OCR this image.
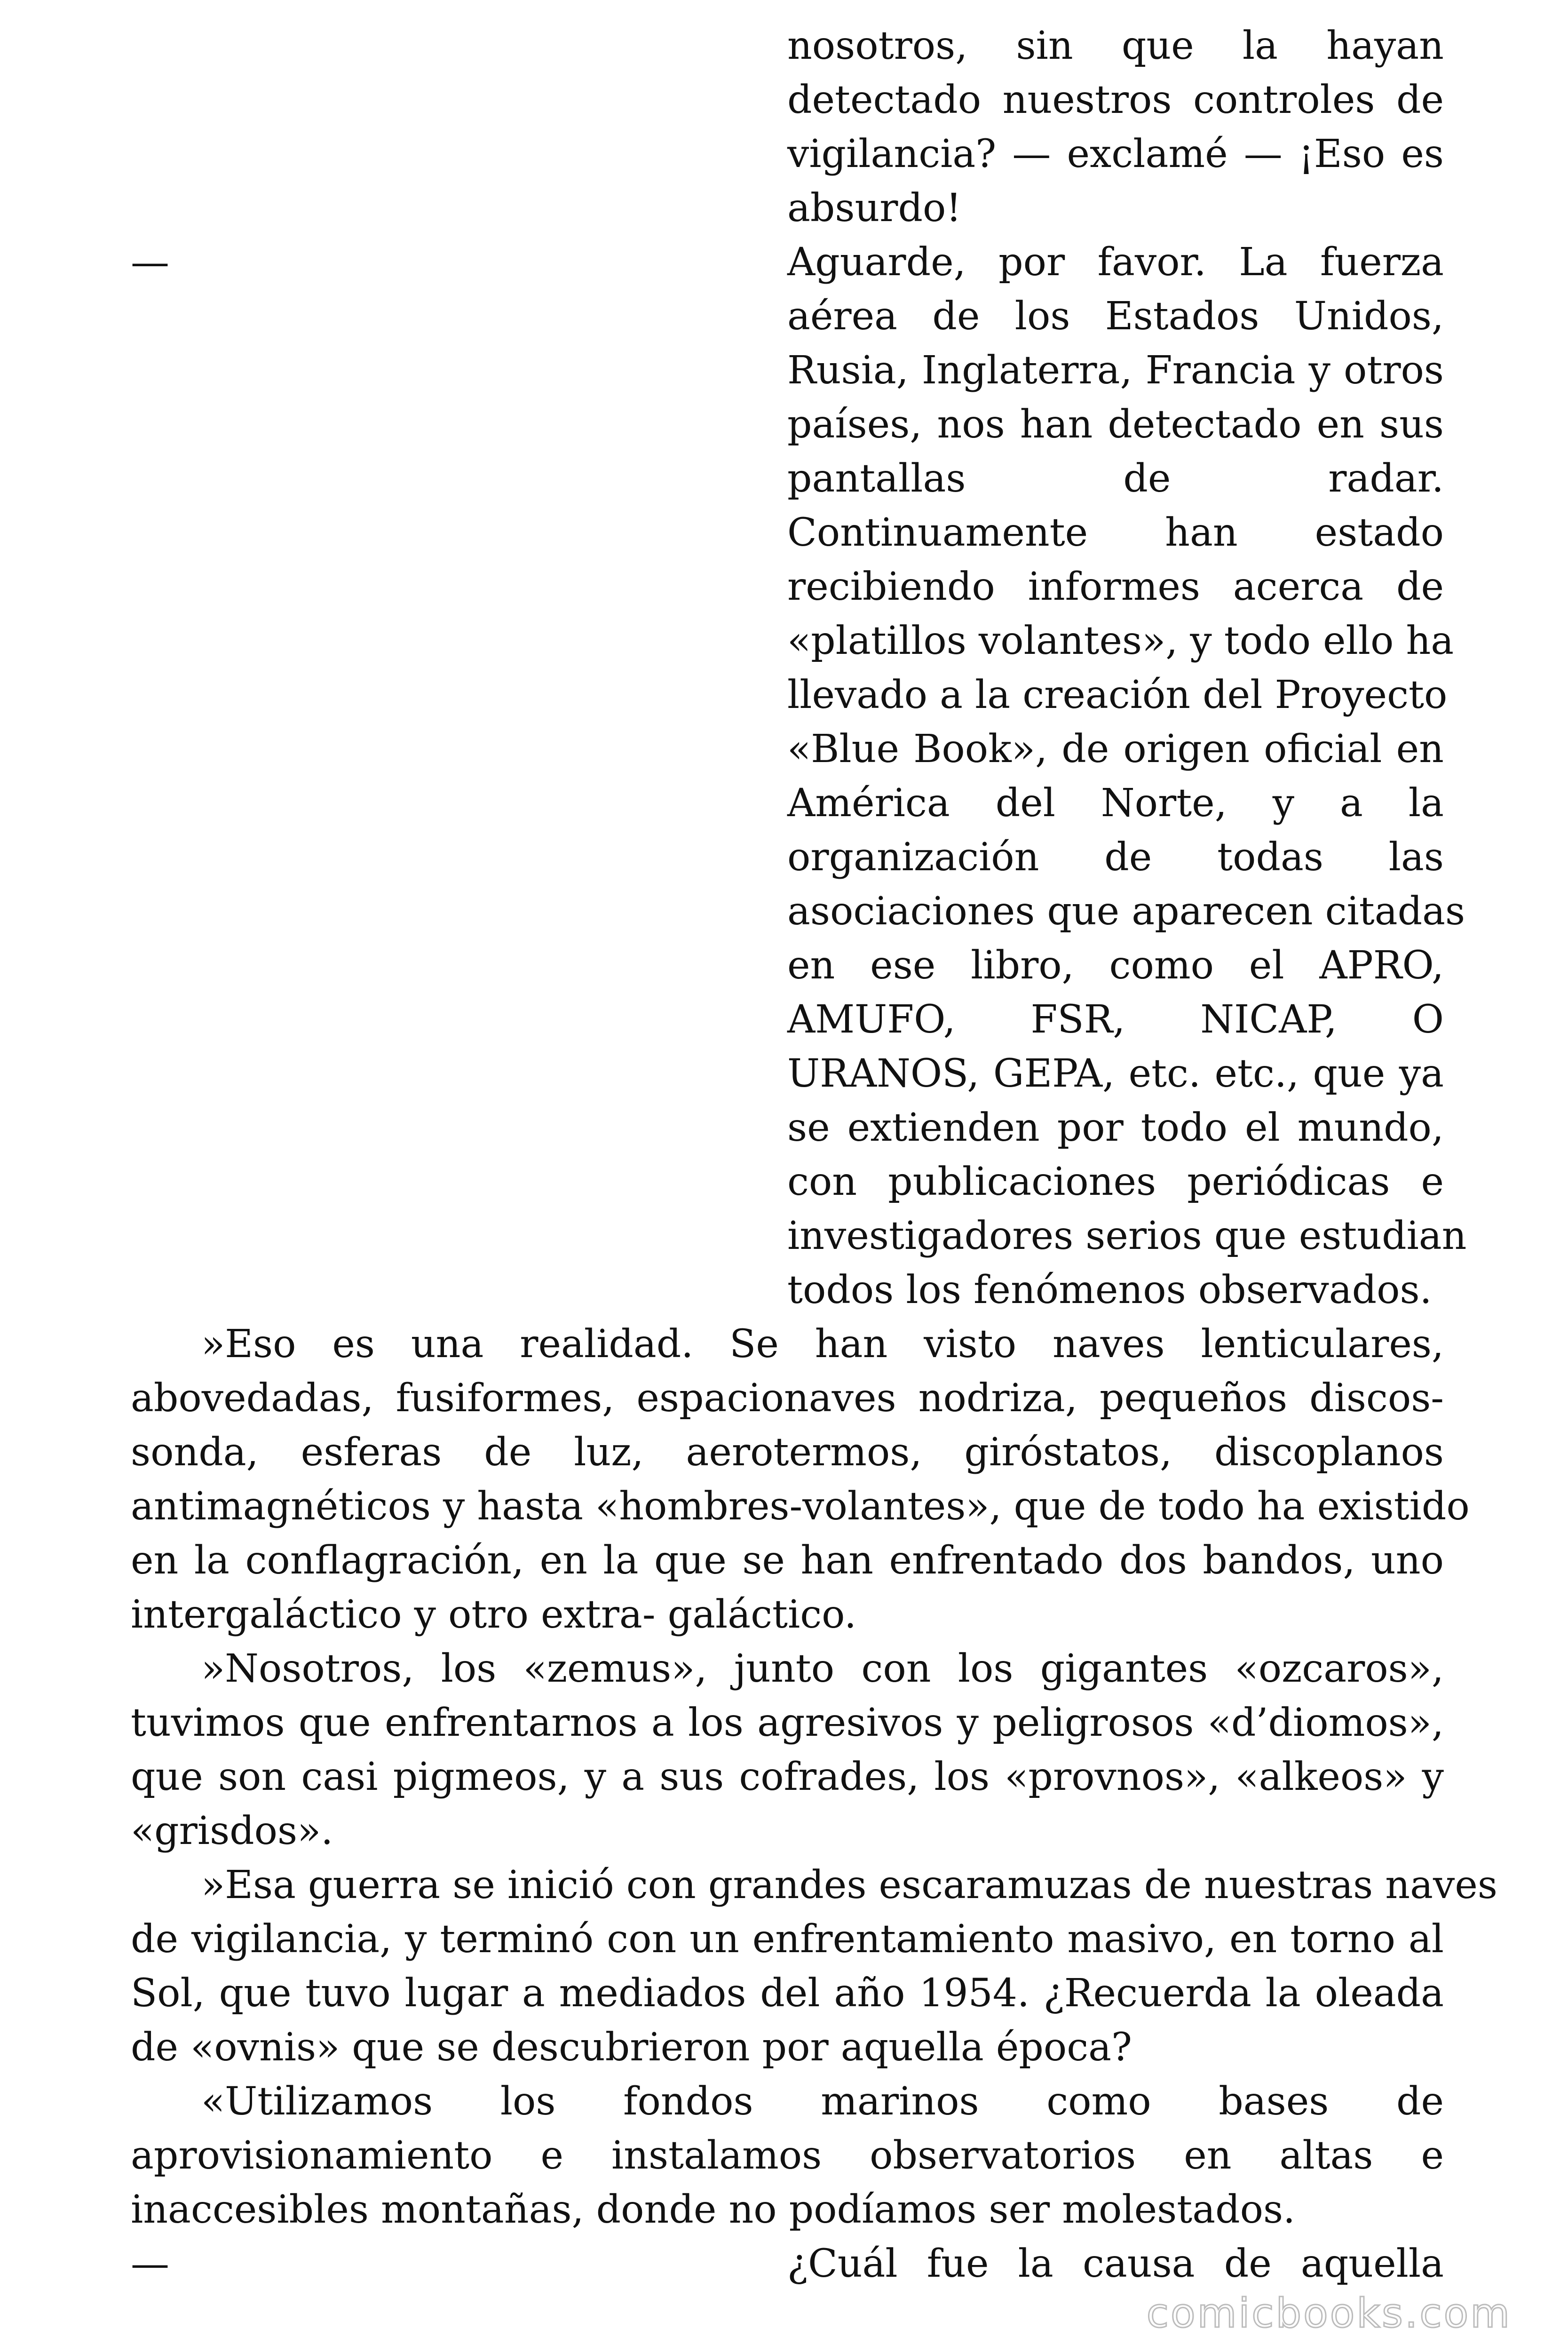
nosotros, sin que la hayan
detectado nuestros controles de
vigilancia? — exclamé — ¡Eso es
absurdo!
—	Aguarde, por favor. La fuerza
aérea de los Estados Unidos,
Rusia, Inglaterra, Francia y otros
países, nos han detectado en sus
pantallas de radar.
Continuamente han estado
recibiendo informes acerca de
«platillos volantes», y todo ello ha
llevado a la creación del Proyecto
«Blue Book», de origen oficial en
América del Norte, y a la
organización de todas las
asociaciones que aparecen citadas
en ese libro, como el APRO,
AMUFO, FSR, NICAP, O
URANOS, GEPA, etc. etc., que ya
se extienden por todo el mundo,
con publicaciones periódicas e
investigadores serios que estudian
todos los fenómenos observados.
»Eso es una realidad. Se han visto naves lenticulares,
abovedadas, fusiformes, espacionaves nodriza, pequeños discos-
sonda, esferas de luz, aerotermos, giróstatos, discoplanos
antimagnéticos y hasta «hombres-volantes», que de todo ha existido
en la conflagración, en la que se han enfrentado dos bandos, uno
intergaláctico y otro extra- galáctico.
»Nosotros, los «zemus», junto con los gigantes «ozcaros»,
tuvimos que enfrentarnos a los agresivos y peligrosos «d’diomos»,
que son casi pigmeos, y a sus cofrades, los «provnos», «alkeos» y
«grisdos».
»Esa guerra se inició con grandes escaramuzas de nuestras naves
de vigilancia, y terminó con un enfrentamiento masivo, en torno al
Sol, que tuvo lugar a mediados del año 1954. ¿Recuerda la oleada
de «ovnis» que se descubrieron por aquella época?
«Utilizamos los fondos marinos como bases de
aprovisionamiento e instalamos observatorios en altas e
inaccesibles montañas, donde no podíamos ser molestados.
—	¿Cuál fue la causa de aquella
comicbooks.com
